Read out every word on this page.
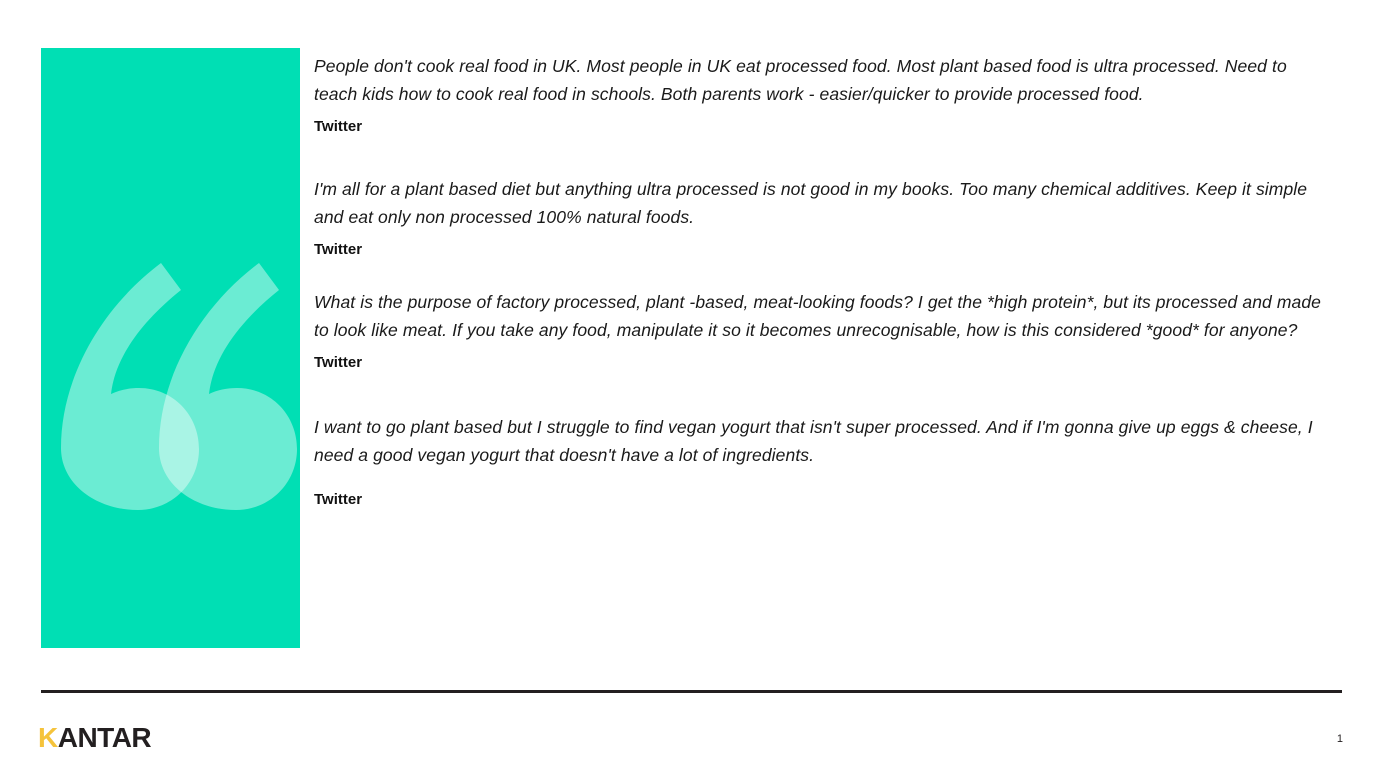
People don't cook real food in UK. Most people in UK eat processed food. Most plant based food is ultra processed. Need to teach kids how to cook real food in schools. Both parents work - easier/quicker to provide processed food.

Twitter

I'm all for a plant based diet but anything ultra processed is not good in my books. Too many chemical additives. Keep it simple and eat only non processed 100% natural foods.

Twitter

What is the purpose of factory processed, plant -based, meat-looking foods? I get the *high protein*, but its processed and made to look like meat. If you take any food, manipulate it so it becomes unrecognisable, how is this considered *good* for anyone?

Twitter

I want to go plant based but I struggle to find vegan yogurt that isn't super processed. And if I'm gonna give up eggs & cheese, I need a good vegan yogurt that doesn't have a lot of ingredients.

Twitter

KANTAR	1
